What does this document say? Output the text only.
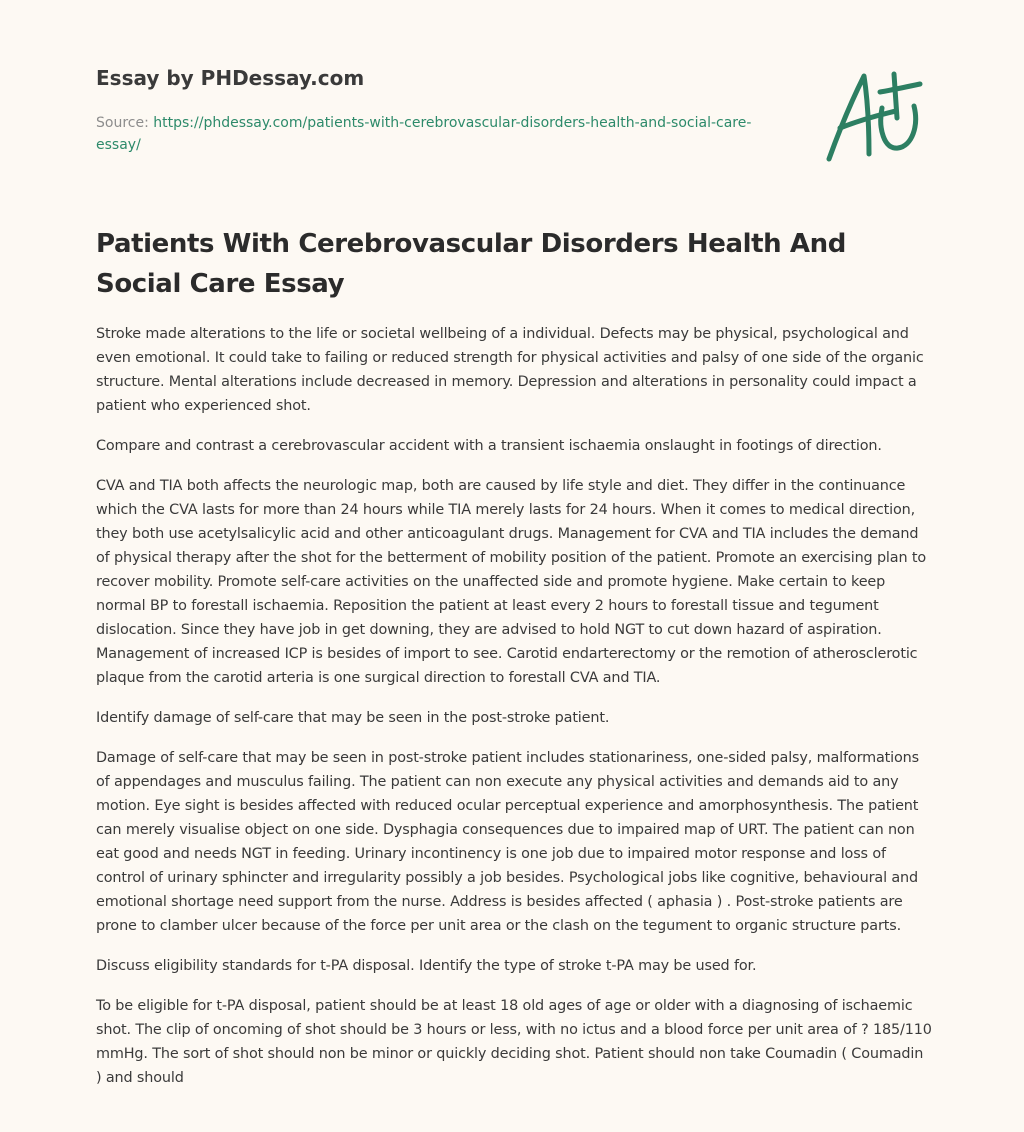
Essay by PHDessay.com
Source: https://phdessay.com/patients-with-cerebrovascular-disorders-health-and-social-care-essay/
Patients With Cerebrovascular Disorders Health And Social Care Essay

Stroke made alterations to the life or societal wellbeing of a individual. Defects may be physical, psychological and even emotional. It could take to failing or reduced strength for physical activities and palsy of one side of the organic structure. Mental alterations include decreased in memory. Depression and alterations in personality could impact a patient who experienced shot.

Compare and contrast a cerebrovascular accident with a transient ischaemia onslaught in footings of direction.

CVA and TIA both affects the neurologic map, both are caused by life style and diet. They differ in the continuance which the CVA lasts for more than 24 hours while TIA merely lasts for 24 hours. When it comes to medical direction, they both use acetylsalicylic acid and other anticoagulant drugs. Management for CVA and TIA includes the demand of physical therapy after the shot for the betterment of mobility position of the patient. Promote an exercising plan to recover mobility. Promote self-care activities on the unaffected side and promote hygiene. Make certain to keep normal BP to forestall ischaemia. Reposition the patient at least every 2 hours to forestall tissue and tegument dislocation. Since they have job in get downing, they are advised to hold NGT to cut down hazard of aspiration. Management of increased ICP is besides of import to see. Carotid endarterectomy or the remotion of atherosclerotic plaque from the carotid arteria is one surgical direction to forestall CVA and TIA.

Identify damage of self-care that may be seen in the post-stroke patient.

Damage of self-care that may be seen in post-stroke patient includes stationariness, one-sided palsy, malformations of appendages and musculus failing. The patient can non execute any physical activities and demands aid to any motion. Eye sight is besides affected with reduced ocular perceptual experience and amorphosynthesis. The patient can merely visualise object on one side. Dysphagia consequences due to impaired map of URT. The patient can non eat good and needs NGT in feeding. Urinary incontinency is one job due to impaired motor response and loss of control of urinary sphincter and irregularity possibly a job besides. Psychological jobs like cognitive, behavioural and emotional shortage need support from the nurse. Address is besides affected ( aphasia ) . Post-stroke patients are prone to clamber ulcer because of the force per unit area or the clash on the tegument to organic structure parts.

Discuss eligibility standards for t-PA disposal. Identify the type of stroke t-PA may be used for.

To be eligible for t-PA disposal, patient should be at least 18 old ages of age or older with a diagnosing of ischaemic shot. The clip of oncoming of shot should be 3 hours or less, with no ictus and a blood force per unit area of ? 185/110 mmHg. The sort of shot should non be minor or quickly deciding shot. Patient should non take Coumadin ( Coumadin ) and should
